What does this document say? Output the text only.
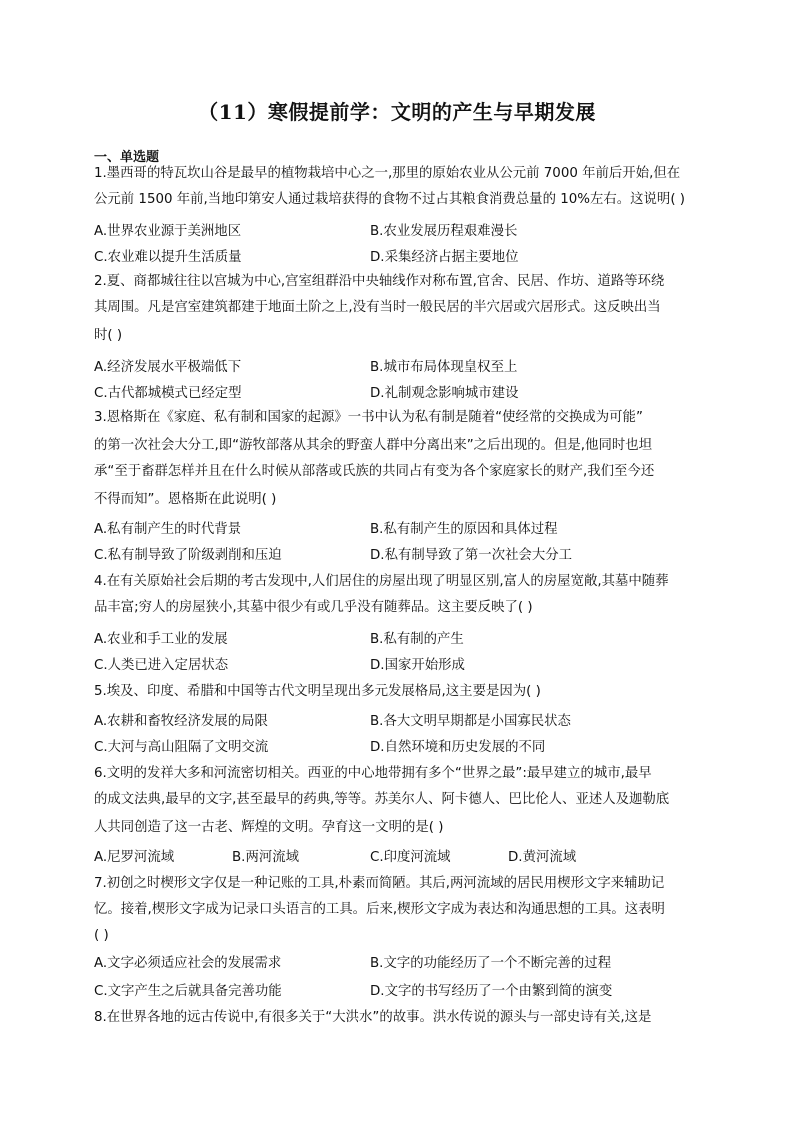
（11）寒假提前学：文明的产生与早期发展
一、单选题
1.墨西哥的特瓦坎山谷是最早的植物栽培中心之一,那里的原始农业从公元前 7000 年前后开始,但在
公元前 1500 年前,当地印第安人通过栽培获得的食物不过占其粮食消费总量的 10%左右。这说明( )
A.世界农业源于美洲地区	B.农业发展历程艰难漫长
C.农业难以提升生活质量	D.采集经济占据主要地位
2.夏、商都城往往以宫城为中心,宫室组群沿中央轴线作对称布置,官舍、民居、作坊、道路等环绕
其周围。凡是宫室建筑都建于地面土阶之上,没有当时一般民居的半穴居或穴居形式。这反映出当
时( )
A.经济发展水平极端低下	B.城市布局体现皇权至上
C.古代都城模式已经定型	D.礼制观念影响城市建设
3.恩格斯在《家庭、私有制和国家的起源》一书中认为私有制是随着“使经常的交换成为可能”
的第一次社会大分工,即“游牧部落从其余的野蛮人群中分离出来”之后出现的。但是,他同时也坦
承“至于畜群怎样并且在什么时候从部落或氏族的共同占有变为各个家庭家长的财产,我们至今还
不得而知”。恩格斯在此说明( )
A.私有制产生的时代背景	B.私有制产生的原因和具体过程
C.私有制导致了阶级剥削和压迫	D.私有制导致了第一次社会大分工
4.在有关原始社会后期的考古发现中,人们居住的房屋出现了明显区别,富人的房屋宽敞,其墓中随葬
品丰富;穷人的房屋狭小,其墓中很少有或几乎没有随葬品。这主要反映了( )
A.农业和手工业的发展	B.私有制的产生
C.人类已进入定居状态	D.国家开始形成
5.埃及、印度、希腊和中国等古代文明呈现出多元发展格局,这主要是因为( )
A.农耕和畜牧经济发展的局限	B.各大文明早期都是小国寡民状态
C.大河与高山阻隔了文明交流	D.自然环境和历史发展的不同
6.文明的发祥大多和河流密切相关。西亚的中心地带拥有多个“世界之最”:最早建立的城市,最早
的成文法典,最早的文字,甚至最早的药典,等等。苏美尔人、阿卡德人、巴比伦人、亚述人及迦勒底
人共同创造了这一古老、辉煌的文明。孕育这一文明的是( )
A.尼罗河流域	B.两河流域	C.印度河流域	D.黄河流域
7.初创之时楔形文字仅是一种记账的工具,朴素而简陋。其后,两河流域的居民用楔形文字来辅助记
忆。接着,楔形文字成为记录口头语言的工具。后来,楔形文字成为表达和沟通思想的工具。这表明
( )
A.文字必须适应社会的发展需求	B.文字的功能经历了一个不断完善的过程
C.文字产生之后就具备完善功能	D.文字的书写经历了一个由繁到简的演变
8.在世界各地的远古传说中,有很多关于“大洪水”的故事。洪水传说的源头与一部史诗有关,这是
